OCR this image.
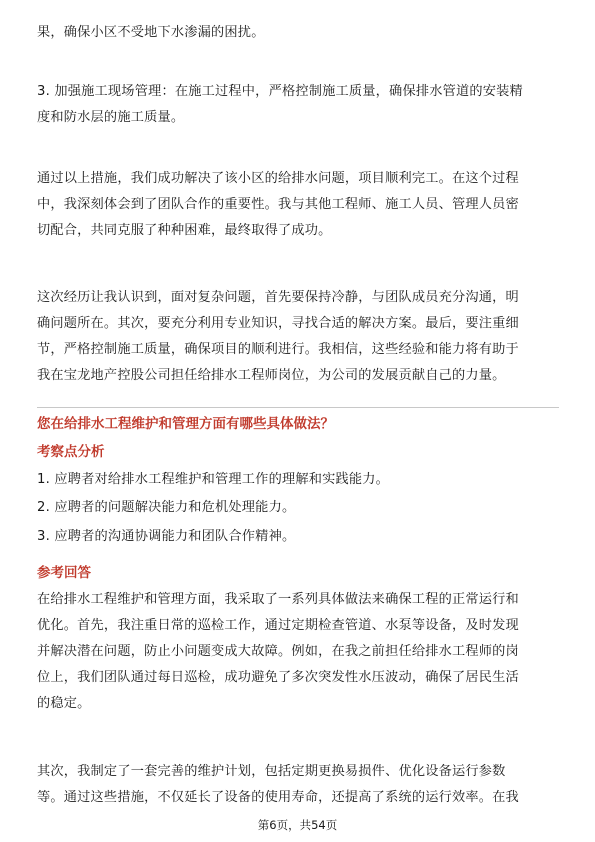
果，确保小区不受地下水渗漏的困扰。

3. 加强施工现场管理：在施工过程中，严格控制施工质量，确保排水管道的安装精
度和防水层的施工质量。

通过以上措施，我们成功解决了该小区的给排水问题，项目顺利完工。在这个过程
中，我深刻体会到了团队合作的重要性。我与其他工程师、施工人员、管理人员密
切配合，共同克服了种种困难，最终取得了成功。

这次经历让我认识到，面对复杂问题，首先要保持冷静，与团队成员充分沟通，明
确问题所在。其次，要充分利用专业知识，寻找合适的解决方案。最后，要注重细
节，严格控制施工质量，确保项目的顺利进行。我相信，这些经验和能力将有助于
我在宝龙地产控股公司担任给排水工程师岗位，为公司的发展贡献自己的力量。

您在给排水工程维护和管理方面有哪些具体做法？
考察点分析
1. 应聘者对给排水工程维护和管理工作的理解和实践能力。
2. 应聘者的问题解决能力和危机处理能力。
3. 应聘者的沟通协调能力和团队合作精神。
参考回答

在给排水工程维护和管理方面，我采取了一系列具体做法来确保工程的正常运行和
优化。首先，我注重日常的巡检工作，通过定期检查管道、水泵等设备，及时发现
并解决潜在问题，防止小问题变成大故障。例如，在我之前担任给排水工程师的岗
位上，我们团队通过每日巡检，成功避免了多次突发性水压波动，确保了居民生活
的稳定。

其次，我制定了一套完善的维护计划，包括定期更换易损件、优化设备运行参数
等。通过这些措施，不仅延长了设备的使用寿命，还提高了系统的运行效率。在我

第6页，共54页
